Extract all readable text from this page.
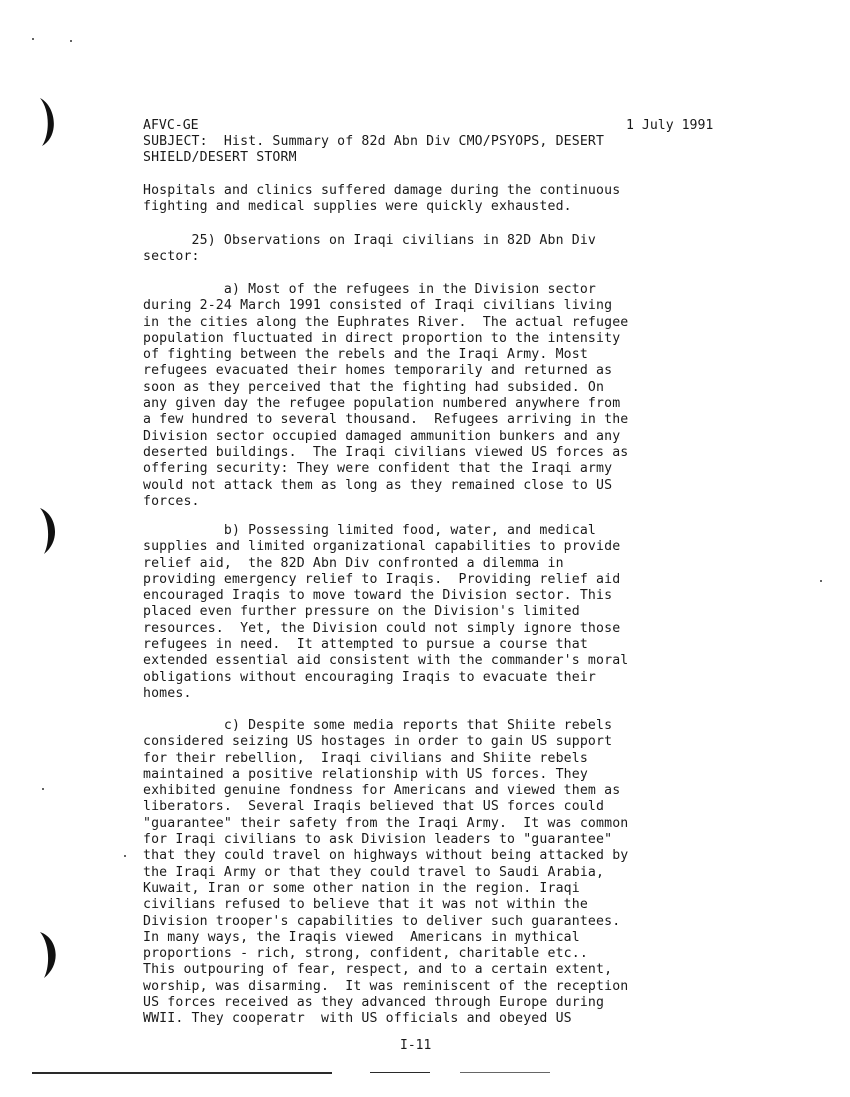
AFVC-GE	1 July 1991
SUBJECT:  Hist. Summary of 82d Abn Div CMO/PSYOPS, DESERT
SHIELD/DESERT STORM
Hospitals and clinics suffered damage during the continuous
fighting and medical supplies were quickly exhausted.
25) Observations on Iraqi civilians in 82D Abn Div
sector:
a) Most of the refugees in the Division sector
during 2-24 March 1991 consisted of Iraqi civilians living
in the cities along the Euphrates River.  The actual refugee
population fluctuated in direct proportion to the intensity
of fighting between the rebels and the Iraqi Army. Most
refugees evacuated their homes temporarily and returned as
soon as they perceived that the fighting had subsided. On
any given day the refugee population numbered anywhere from
a few hundred to several thousand.  Refugees arriving in the
Division sector occupied damaged ammunition bunkers and any
deserted buildings.  The Iraqi civilians viewed US forces as
offering security: They were confident that the Iraqi army
would not attack them as long as they remained close to US
forces.
b) Possessing limited food, water, and medical
supplies and limited organizational capabilities to provide
relief aid,  the 82D Abn Div confronted a dilemma in
providing emergency relief to Iraqis.  Providing relief aid
encouraged Iraqis to move toward the Division sector. This
placed even further pressure on the Division's limited
resources.  Yet, the Division could not simply ignore those
refugees in need.  It attempted to pursue a course that
extended essential aid consistent with the commander's moral
obligations without encouraging Iraqis to evacuate their
homes.
c) Despite some media reports that Shiite rebels
considered seizing US hostages in order to gain US support
for their rebellion,  Iraqi civilians and Shiite rebels
maintained a positive relationship with US forces. They
exhibited genuine fondness for Americans and viewed them as
liberators.  Several Iraqis believed that US forces could
"guarantee" their safety from the Iraqi Army.  It was common
for Iraqi civilians to ask Division leaders to "guarantee"
that they could travel on highways without being attacked by
the Iraqi Army or that they could travel to Saudi Arabia,
Kuwait, Iran or some other nation in the region. Iraqi
civilians refused to believe that it was not within the
Division trooper's capabilities to deliver such guarantees.
In many ways, the Iraqis viewed  Americans in mythical
proportions - rich, strong, confident, charitable etc..
This outpouring of fear, respect, and to a certain extent,
worship, was disarming.  It was reminiscent of the reception
US forces received as they advanced through Europe during
WWII. They cooperatr  with US officials and obeyed US
I-11
